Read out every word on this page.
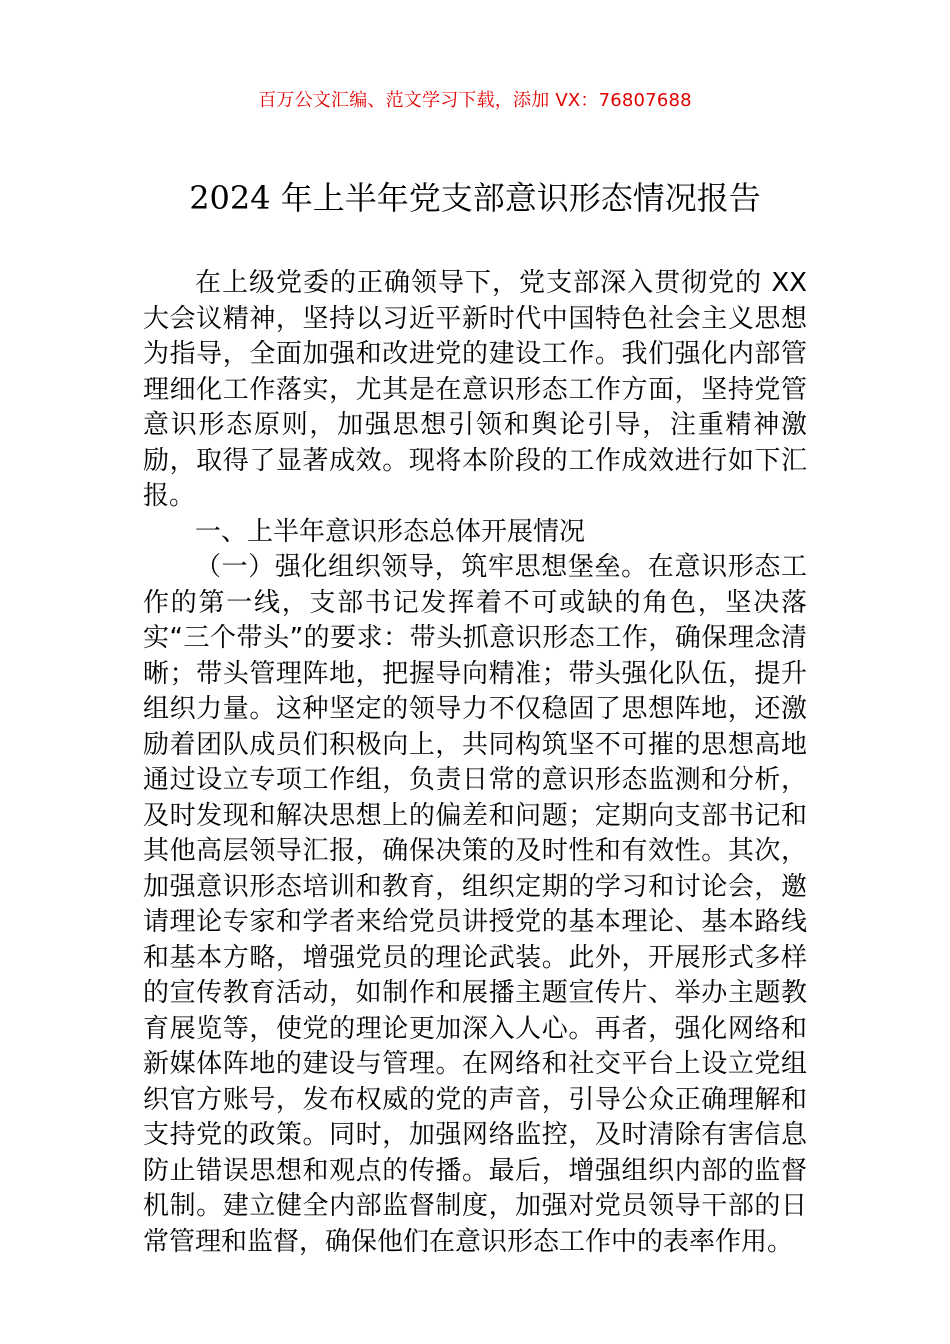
百万公文汇编、范文学习下载，添加 VX：76807688
2024 年上半年党支部意识形态情况报告

在上级党委的正确领导下，党支部深入贯彻党的 XX 大会议精神，坚持以习近平新时代中国特色社会主义思想为指导，全面加强和改进党的建设工作。我们强化内部管理细化工作落实，尤其是在意识形态工作方面，坚持党管意识形态原则，加强思想引领和舆论引导，注重精神激励，取得了显著成效。现将本阶段的工作成效进行如下汇报。

一、上半年意识形态总体开展情况

（一）强化组织领导，筑牢思想堡垒。在意识形态工作的第一线，支部书记发挥着不可或缺的角色，坚决落实“三个带头”的要求：带头抓意识形态工作，确保理念清晰；带头管理阵地，把握导向精准；带头强化队伍，提升组织力量。这种坚定的领导力不仅稳固了思想阵地，还激励着团队成员们积极向上，共同构筑坚不可摧的思想高地通过设立专项工作组，负责日常的意识形态监测和分析，及时发现和解决思想上的偏差和问题；定期向支部书记和其他高层领导汇报，确保决策的及时性和有效性。其次，加强意识形态培训和教育，组织定期的学习和讨论会，邀请理论专家和学者来给党员讲授党的基本理论、基本路线和基本方略，增强党员的理论武装。此外，开展形式多样的宣传教育活动，如制作和展播主题宣传片、举办主题教育展览等，使党的理论更加深入人心。再者，强化网络和新媒体阵地的建设与管理。在网络和社交平台上设立党组织官方账号，发布权威的党的声音，引导公众正确理解和支持党的政策。同时，加强网络监控，及时清除有害信息防止错误思想和观点的传播。最后，增强组织内部的监督机制。建立健全内部监督制度，加强对党员领导干部的日常管理和监督，确保他们在意识形态工作中的表率作用。
